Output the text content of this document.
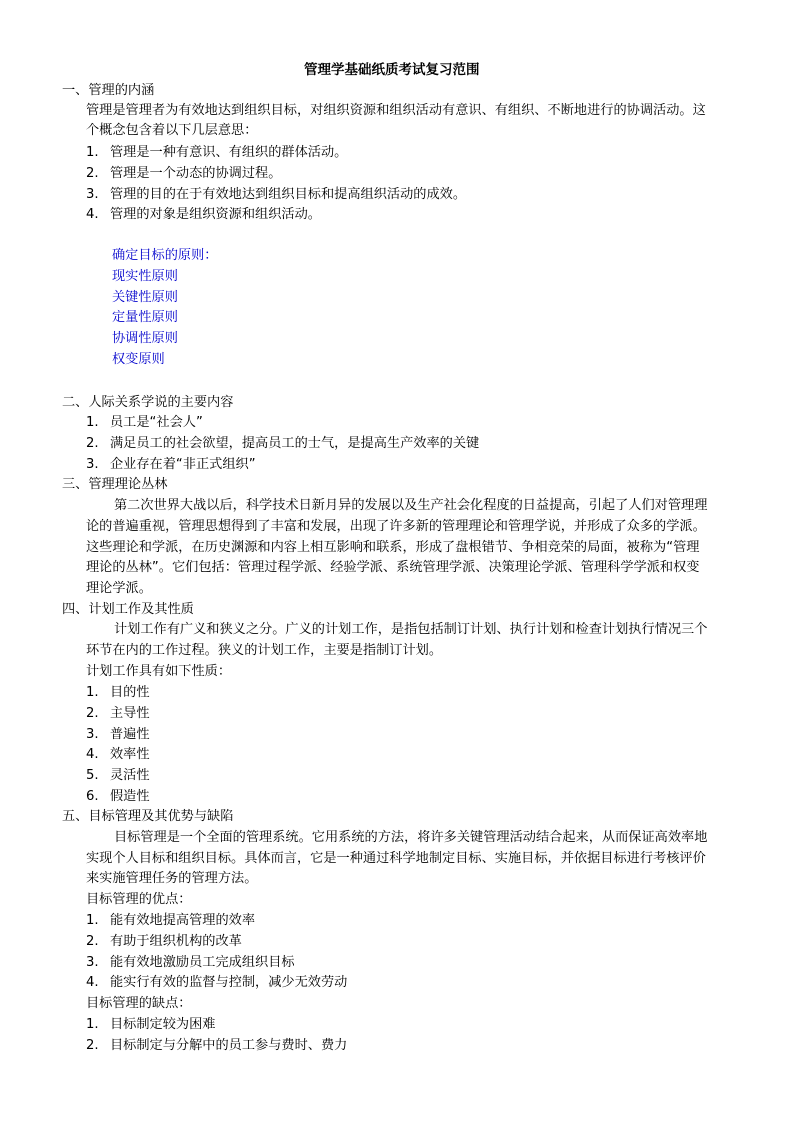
管理学基础纸质考试复习范围
一、管理的内涵
管理是管理者为有效地达到组织目标，对组织资源和组织活动有意识、有组织、不断地进行的协调活动。这
个概念包含着以下几层意思：
1. 管理是一种有意识、有组织的群体活动。
2. 管理是一个动态的协调过程。
3. 管理的目的在于有效地达到组织目标和提高组织活动的成效。
4. 管理的对象是组织资源和组织活动。
确定目标的原则：
现实性原则
关键性原则
定量性原则
协调性原则
权变原则
二、人际关系学说的主要内容
1. 员工是“社会人”
2. 满足员工的社会欲望，提高员工的士气，是提高生产效率的关键
3. 企业存在着“非正式组织”
三、管理理论丛林
第二次世界大战以后，科学技术日新月异的发展以及生产社会化程度的日益提高，引起了人们对管理理
论的普遍重视，管理思想得到了丰富和发展，出现了许多新的管理理论和管理学说，并形成了众多的学派。
这些理论和学派，在历史渊源和内容上相互影响和联系，形成了盘根错节、争相竞荣的局面，被称为“管理
理论的丛林”。它们包括：管理过程学派、经验学派、系统管理学派、决策理论学派、管理科学学派和权变
理论学派。
四、计划工作及其性质
计划工作有广义和狭义之分。广义的计划工作，是指包括制订计划、执行计划和检查计划执行情况三个
环节在内的工作过程。狭义的计划工作，主要是指制订计划。
计划工作具有如下性质：
1. 目的性
2. 主导性
3. 普遍性
4. 效率性
5. 灵活性
6. 假造性
五、目标管理及其优势与缺陷
目标管理是一个全面的管理系统。它用系统的方法，将许多关键管理活动结合起来，从而保证高效率地
实现个人目标和组织目标。具体而言，它是一种通过科学地制定目标、实施目标，并依据目标进行考核评价
来实施管理任务的管理方法。
目标管理的优点：
1. 能有效地提高管理的效率
2. 有助于组织机构的改革
3. 能有效地激励员工完成组织目标
4. 能实行有效的监督与控制，减少无效劳动
目标管理的缺点：
1. 目标制定较为困难
2. 目标制定与分解中的员工参与费时、费力
